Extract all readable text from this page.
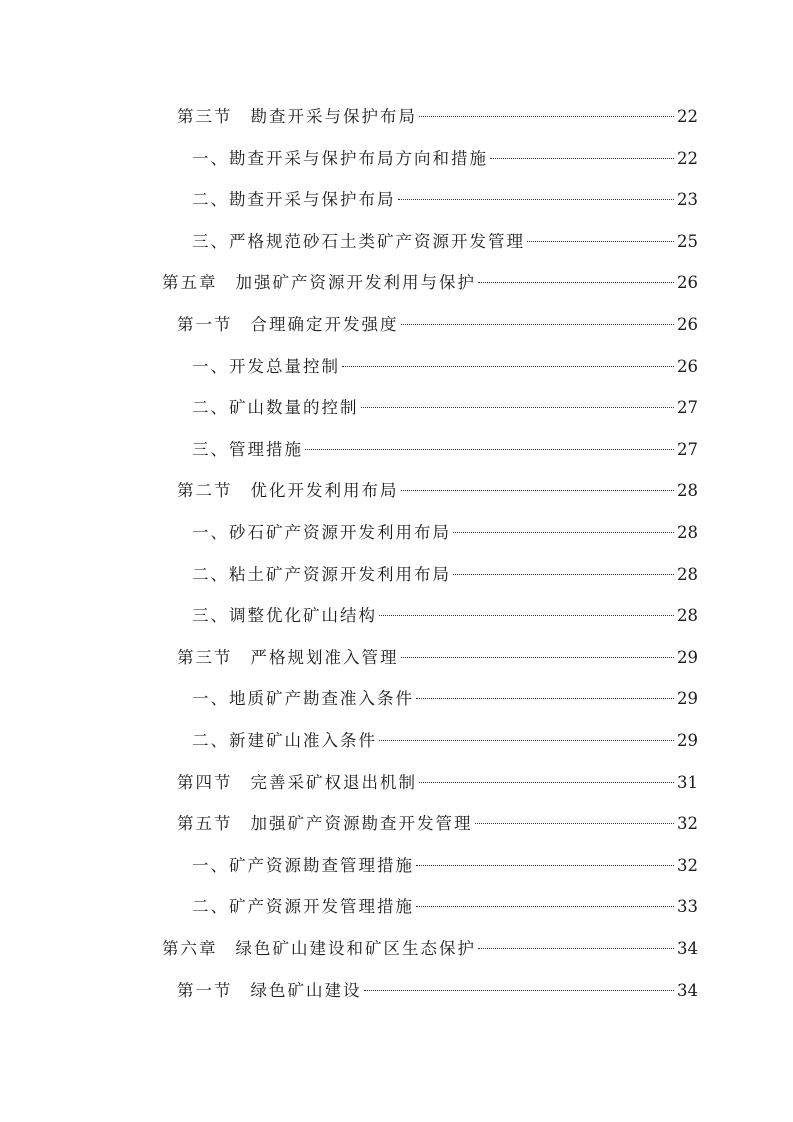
第三节 勘查开采与保护布局	22
一、勘查开采与保护布局方向和措施	22
二、勘查开采与保护布局	23
三、严格规范砂石土类矿产资源开发管理	25
第五章 加强矿产资源开发利用与保护	26
第一节 合理确定开发强度	26
一、开发总量控制	26
二、矿山数量的控制	27
三、管理措施	27
第二节 优化开发利用布局	28
一、砂石矿产资源开发利用布局	28
二、粘土矿产资源开发利用布局	28
三、调整优化矿山结构	28
第三节 严格规划准入管理	29
一、地质矿产勘查准入条件	29
二、新建矿山准入条件	29
第四节 完善采矿权退出机制	31
第五节 加强矿产资源勘查开发管理	32
一、矿产资源勘查管理措施	32
二、矿产资源开发管理措施	33
第六章 绿色矿山建设和矿区生态保护	34
第一节 绿色矿山建设	34
